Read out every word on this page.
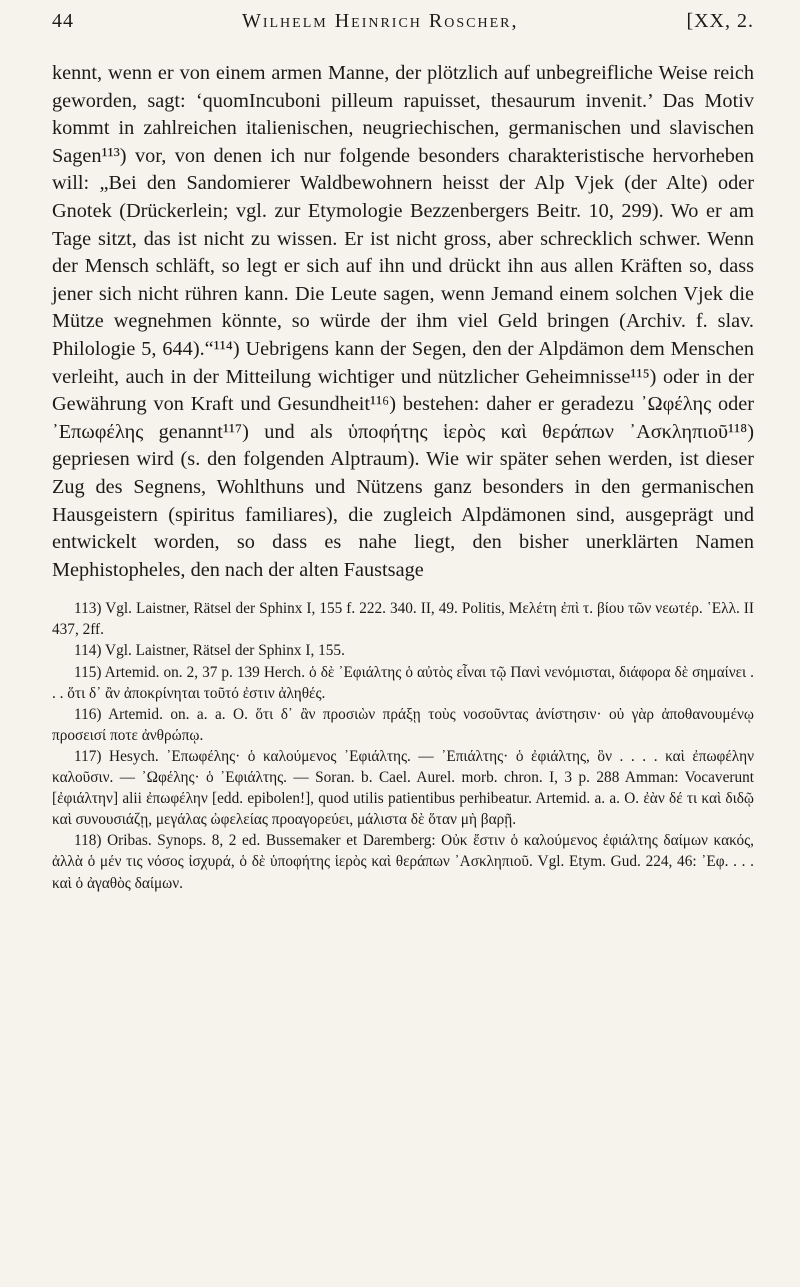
44	Wilhelm Heinrich Roscher,	[XX, 2.

kennt, wenn er von einem armen Manne, der plötzlich auf unbegreifliche Weise reich geworden, sagt: ‘quomIncuboni pilleum rapuisset, thesaurum invenit.’ Das Motiv kommt in zahlreichen italienischen, neugriechischen, germanischen und slavischen Sagen¹¹³) vor, von denen ich nur folgende besonders charakteristische hervorheben will: „Bei den Sandomierer Waldbewohnern heisst der Alp Vjek (der Alte) oder Gnotek (Drückerlein; vgl. zur Etymologie Bezzenbergers Beitr. 10, 299). Wo er am Tage sitzt, das ist nicht zu wissen. Er ist nicht gross, aber schrecklich schwer. Wenn der Mensch schläft, so legt er sich auf ihn und drückt ihn aus allen Kräften so, dass jener sich nicht rühren kann. Die Leute sagen, wenn Jemand einem solchen Vjek die Mütze wegnehmen könnte, so würde der ihm viel Geld bringen (Archiv. f. slav. Philologie 5, 644).“¹¹⁴) Uebrigens kann der Segen, den der Alpdämon dem Menschen verleiht, auch in der Mitteilung wichtiger und nützlicher Geheimnisse¹¹⁵) oder in der Gewährung von Kraft und Gesundheit¹¹⁶) bestehen: daher er geradezu ᾿Ωφέλης oder ᾿Επωφέλης genannt¹¹⁷) und als ὑποφήτης ἱερὸς καὶ θεράπων ᾿Ασκληπιοῦ¹¹⁸) gepriesen wird (s. den folgenden Alptraum). Wie wir später sehen werden, ist dieser Zug des Segnens, Wohlthuns und Nützens ganz besonders in den germanischen Hausgeistern (spiritus familiares), die zugleich Alpdämonen sind, ausgeprägt und entwickelt worden, so dass es nahe liegt, den bisher unerklärten Namen Mephistopheles, den nach der alten Faustsage

113) Vgl. Laistner, Rätsel der Sphinx I, 155 f. 222. 340. II, 49. Politis, Μελέτη ἐπὶ τ. βίου τῶν νεωτέρ. ῾Ελλ. II 437, 2ff.

114) Vgl. Laistner, Rätsel der Sphinx I, 155.

115) Artemid. on. 2, 37 p. 139 Herch. ὁ δὲ ᾿Εφιάλτης ὁ αὐτὸς εἶναι τῷ Πανὶ νενόμισται, διάφορα δὲ σημαίνει . . . ὅτι δ᾿ ἂν ἀποκρίνηται τοῦτό ἐστιν ἀληθές.

116) Artemid. on. a. a. O. ὅτι δ᾿ ἂν προσιὼν πράξῃ τοὺς νοσοῦντας ἀνίστησιν· οὐ γὰρ ἀποθανουμένῳ προσεισί ποτε ἀνθρώπῳ.

117) Hesych. ᾿Επωφέλης· ὁ καλούμενος ᾿Εφιάλτης. — ᾿Επιάλτης· ὁ ἐφιάλτης, ὃν . . . . καὶ ἐπωφέλην καλοῦσιν. — ᾿Ωφέλης· ὁ ᾿Εφιάλτης. — Soran. b. Cael. Aurel. morb. chron. I, 3 p. 288 Amman: Vocaverunt [ἐφιάλτην] alii ἐπωφέλην [edd. epibolen!], quod utilis patientibus perhibeatur. Artemid. a. a. O. ἐὰν δέ τι καὶ διδῷ καὶ συνουσιάζῃ, μεγάλας ὠφελείας προαγορεύει, μάλιστα δὲ ὅταν μὴ βαρῇ.

118) Oribas. Synops. 8, 2 ed. Bussemaker et Daremberg: Οὐκ ἔστιν ὁ καλούμενος ἐφιάλτης δαίμων κακός, ἀλλὰ ὁ μέν τις νόσος ἰσχυρά, ὁ δὲ ὑποφήτης ἱερὸς καὶ θεράπων ᾿Ασκληπιοῦ. Vgl. Etym. Gud. 224, 46: ᾿Εφ. . . . καὶ ὁ ἀγαθὸς δαίμων.
